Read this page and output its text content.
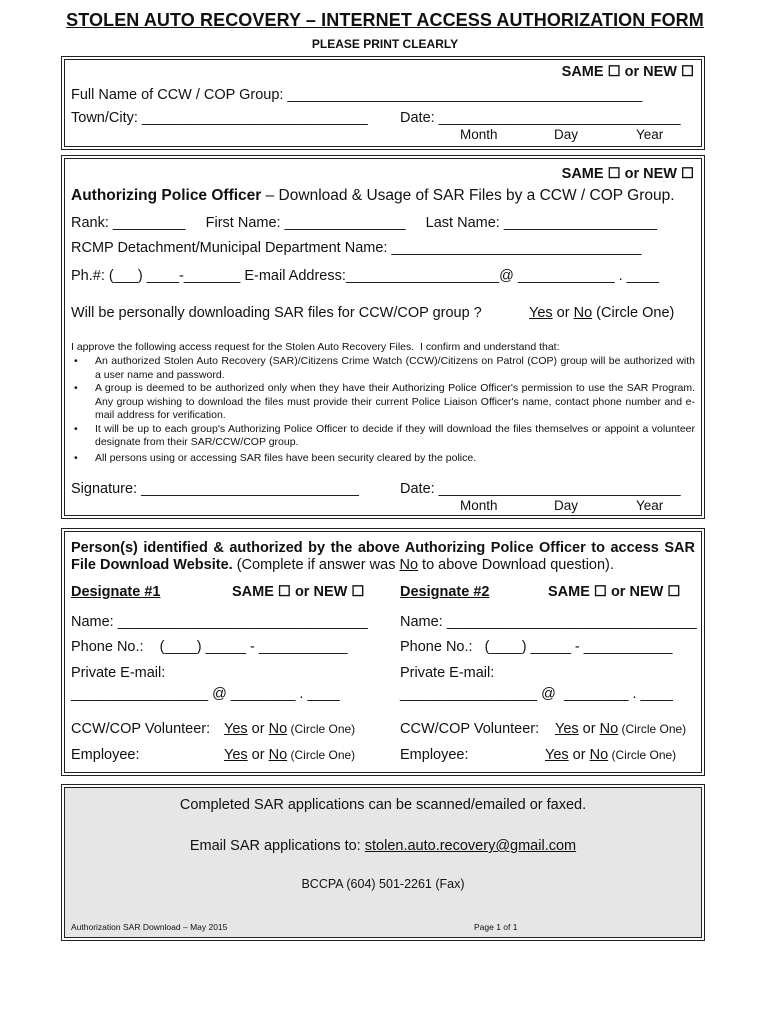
STOLEN AUTO RECOVERY – INTERNET ACCESS AUTHORIZATION FORM
PLEASE PRINT CLEARLY
SAME ☐ or NEW ☐
Full Name of CCW / COP Group: ____________________________________________
Town/City: ____________________________ Date: ______________________________
Month	Day	Year
SAME ☐ or NEW ☐
Authorizing Police Officer – Download & Usage of SAR Files by a CCW / COP Group.
Rank: _________     First Name: _______________     Last Name: ___________________
RCMP Detachment/Municipal Department Name: _______________________________
Ph.#: (___) ____-_______ E-mail Address:___________________@ ____________ . ____
Will be personally downloading SAR files for CCW/COP group ?	Yes or No (Circle One)
I approve the following access request for the Stolen Auto Recovery Files.  I confirm and understand that:
• An authorized Stolen Auto Recovery (SAR)/Citizens Crime Watch (CCW)/Citizens on Patrol (COP) group will be authorized with a user name and password.
• A group is deemed to be authorized only when they have their Authorizing Police Officer's permission to use the SAR Program. Any group wishing to download the files must provide their current Police Liaison Officer's name, contact phone number and e-mail address for verification.
• It will be up to each group's Authorizing Police Officer to decide if they will download the files themselves or appoint a volunteer designate from their SAR/CCW/COP group.
• All persons using or accessing SAR files have been security cleared by the police.
Signature: ___________________________	Date: ______________________________
Month	Day	Year
Person(s) identified & authorized by the above Authorizing Police Officer to access SAR File Download Website. (Complete if answer was No to above Download question).
Designate #1	SAME ☐ or NEW ☐
Name: _______________________________
Phone No.:    (____) _____ - ___________
Private E-mail:
_________________ @ ________ . ____
CCW/COP Volunteer: Yes or No (Circle One)
Employee:	Yes or No (Circle One)
Designate #2	SAME ☐ or NEW ☐
Name: _______________________________
Phone No.:   (____) _____ - ___________
Private E-mail:
_________________ @  ________ . ____
CCW/COP Volunteer: Yes or No (Circle One)
Employee:	Yes or No (Circle One)
Completed SAR applications can be scanned/emailed or faxed.
Email SAR applications to: stolen.auto.recovery@gmail.com
BCCPA (604) 501-2261 (Fax)
Authorization SAR Download – May 2015	Page 1 of 1
